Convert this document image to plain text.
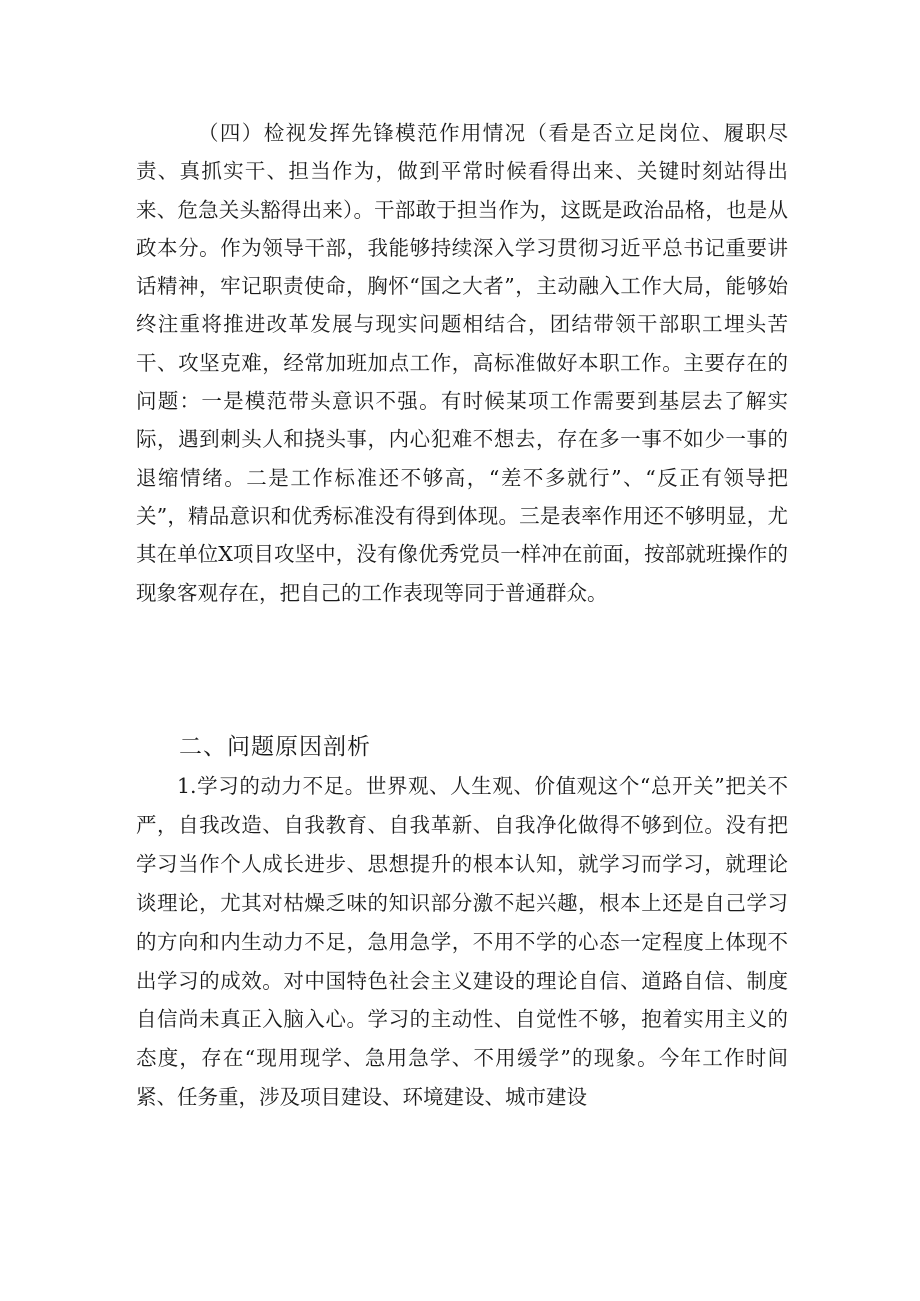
（四）检视发挥先锋模范作用情况（看是否立足岗位、履职尽责、真抓实干、担当作为，做到平常时候看得出来、关键时刻站得出来、危急关头豁得出来）。干部敢于担当作为，这既是政治品格，也是从政本分。作为领导干部，我能够持续深入学习贯彻习近平总书记重要讲话精神，牢记职责使命，胸怀“国之大者”，主动融入工作大局，能够始终注重将推进改革发展与现实问题相结合，团结带领干部职工埋头苦干、攻坚克难，经常加班加点工作，高标准做好本职工作。主要存在的问题：一是模范带头意识不强。有时候某项工作需要到基层去了解实际，遇到刺头人和挠头事，内心犯难不想去，存在多一事不如少一事的退缩情绪。二是工作标准还不够高，“差不多就行”、“反正有领导把关”，精品意识和优秀标准没有得到体现。三是表率作用还不够明显，尤其在单位X项目攻坚中，没有像优秀党员一样冲在前面，按部就班操作的现象客观存在，把自己的工作表现等同于普通群众。

二、问题原因剖析

1.学习的动力不足。世界观、人生观、价值观这个“总开关”把关不严，自我改造、自我教育、自我革新、自我净化做得不够到位。没有把学习当作个人成长进步、思想提升的根本认知，就学习而学习，就理论谈理论，尤其对枯燥乏味的知识部分激不起兴趣，根本上还是自己学习的方向和内生动力不足，急用急学，不用不学的心态一定程度上体现不出学习的成效。对中国特色社会主义建设的理论自信、道路自信、制度自信尚未真正入脑入心。学习的主动性、自觉性不够，抱着实用主义的态度，存在“现用现学、急用急学、不用缓学”的现象。今年工作时间紧、任务重，涉及项目建设、环境建设、城市建设
